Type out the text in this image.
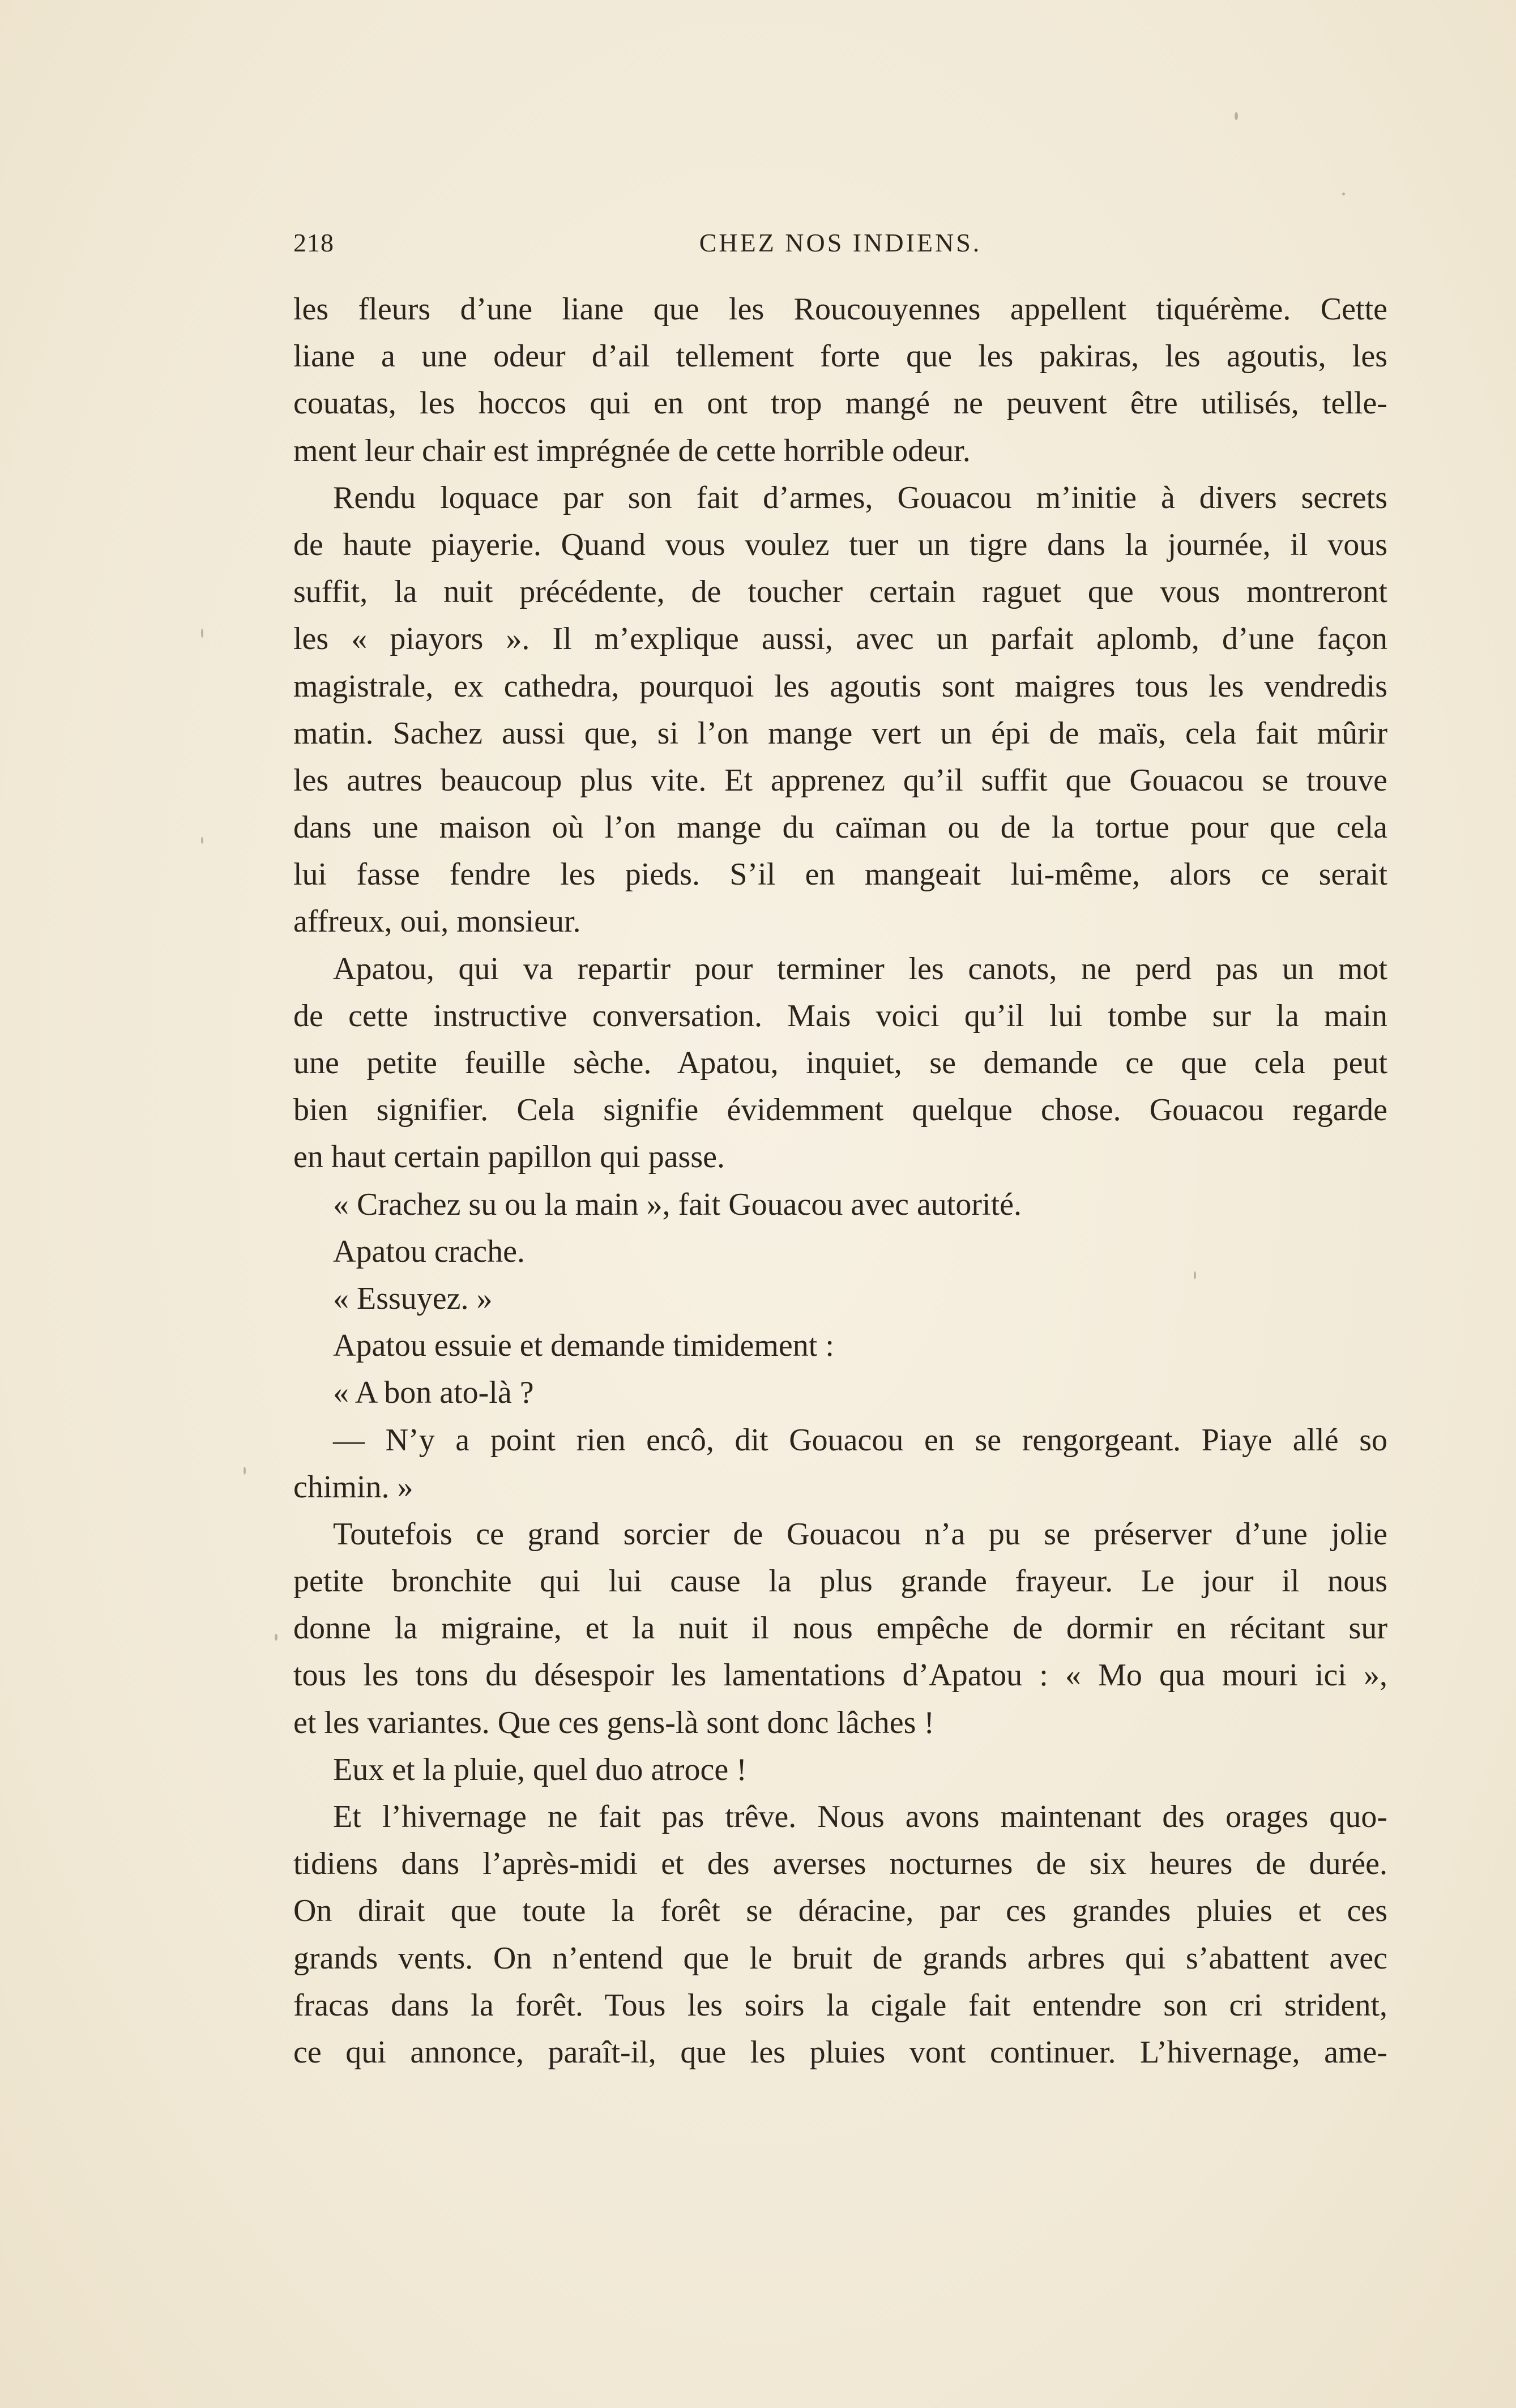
218	CHEZ NOS INDIENS.
les fleurs d’une liane que les Roucouyennes appellent tiquérème. Cette
liane a une odeur d’ail tellement forte que les pakiras, les agoutis, les
couatas, les hoccos qui en ont trop mangé ne peuvent être utilisés, telle-
ment leur chair est imprégnée de cette horrible odeur.
Rendu loquace par son fait d’armes, Gouacou m’initie à divers secrets
de haute piayerie. Quand vous voulez tuer un tigre dans la journée, il vous
suffit, la nuit précédente, de toucher certain raguet que vous montreront
les « piayors ». Il m’explique aussi, avec un parfait aplomb, d’une façon
magistrale, ex cathedra, pourquoi les agoutis sont maigres tous les vendredis
matin. Sachez aussi que, si l’on mange vert un épi de maïs, cela fait mûrir
les autres beaucoup plus vite. Et apprenez qu’il suffit que Gouacou se trouve
dans une maison où l’on mange du caïman ou de la tortue pour que cela
lui fasse fendre les pieds. S’il en mangeait lui-même, alors ce serait
affreux, oui, monsieur.
Apatou, qui va repartir pour terminer les canots, ne perd pas un mot
de cette instructive conversation. Mais voici qu’il lui tombe sur la main
une petite feuille sèche. Apatou, inquiet, se demande ce que cela peut
bien signifier. Cela signifie évidemment quelque chose. Gouacou regarde
en haut certain papillon qui passe.
« Crachez su ou la main », fait Gouacou avec autorité.
Apatou crache.
« Essuyez. »
Apatou essuie et demande timidement :
« A bon ato-là ?
— N’y a point rien encô, dit Gouacou en se rengorgeant. Piaye allé so
chimin. »
Toutefois ce grand sorcier de Gouacou n’a pu se préserver d’une jolie
petite bronchite qui lui cause la plus grande frayeur. Le jour il nous
donne la migraine, et la nuit il nous empêche de dormir en récitant sur
tous les tons du désespoir les lamentations d’Apatou : « Mo qua mouri ici »,
et les variantes. Que ces gens-là sont donc lâches !
Eux et la pluie, quel duo atroce !
Et l’hivernage ne fait pas trêve. Nous avons maintenant des orages quo-
tidiens dans l’après-midi et des averses nocturnes de six heures de durée.
On dirait que toute la forêt se déracine, par ces grandes pluies et ces
grands vents. On n’entend que le bruit de grands arbres qui s’abattent avec
fracas dans la forêt. Tous les soirs la cigale fait entendre son cri strident,
ce qui annonce, paraît-il, que les pluies vont continuer. L’hivernage, ame-
